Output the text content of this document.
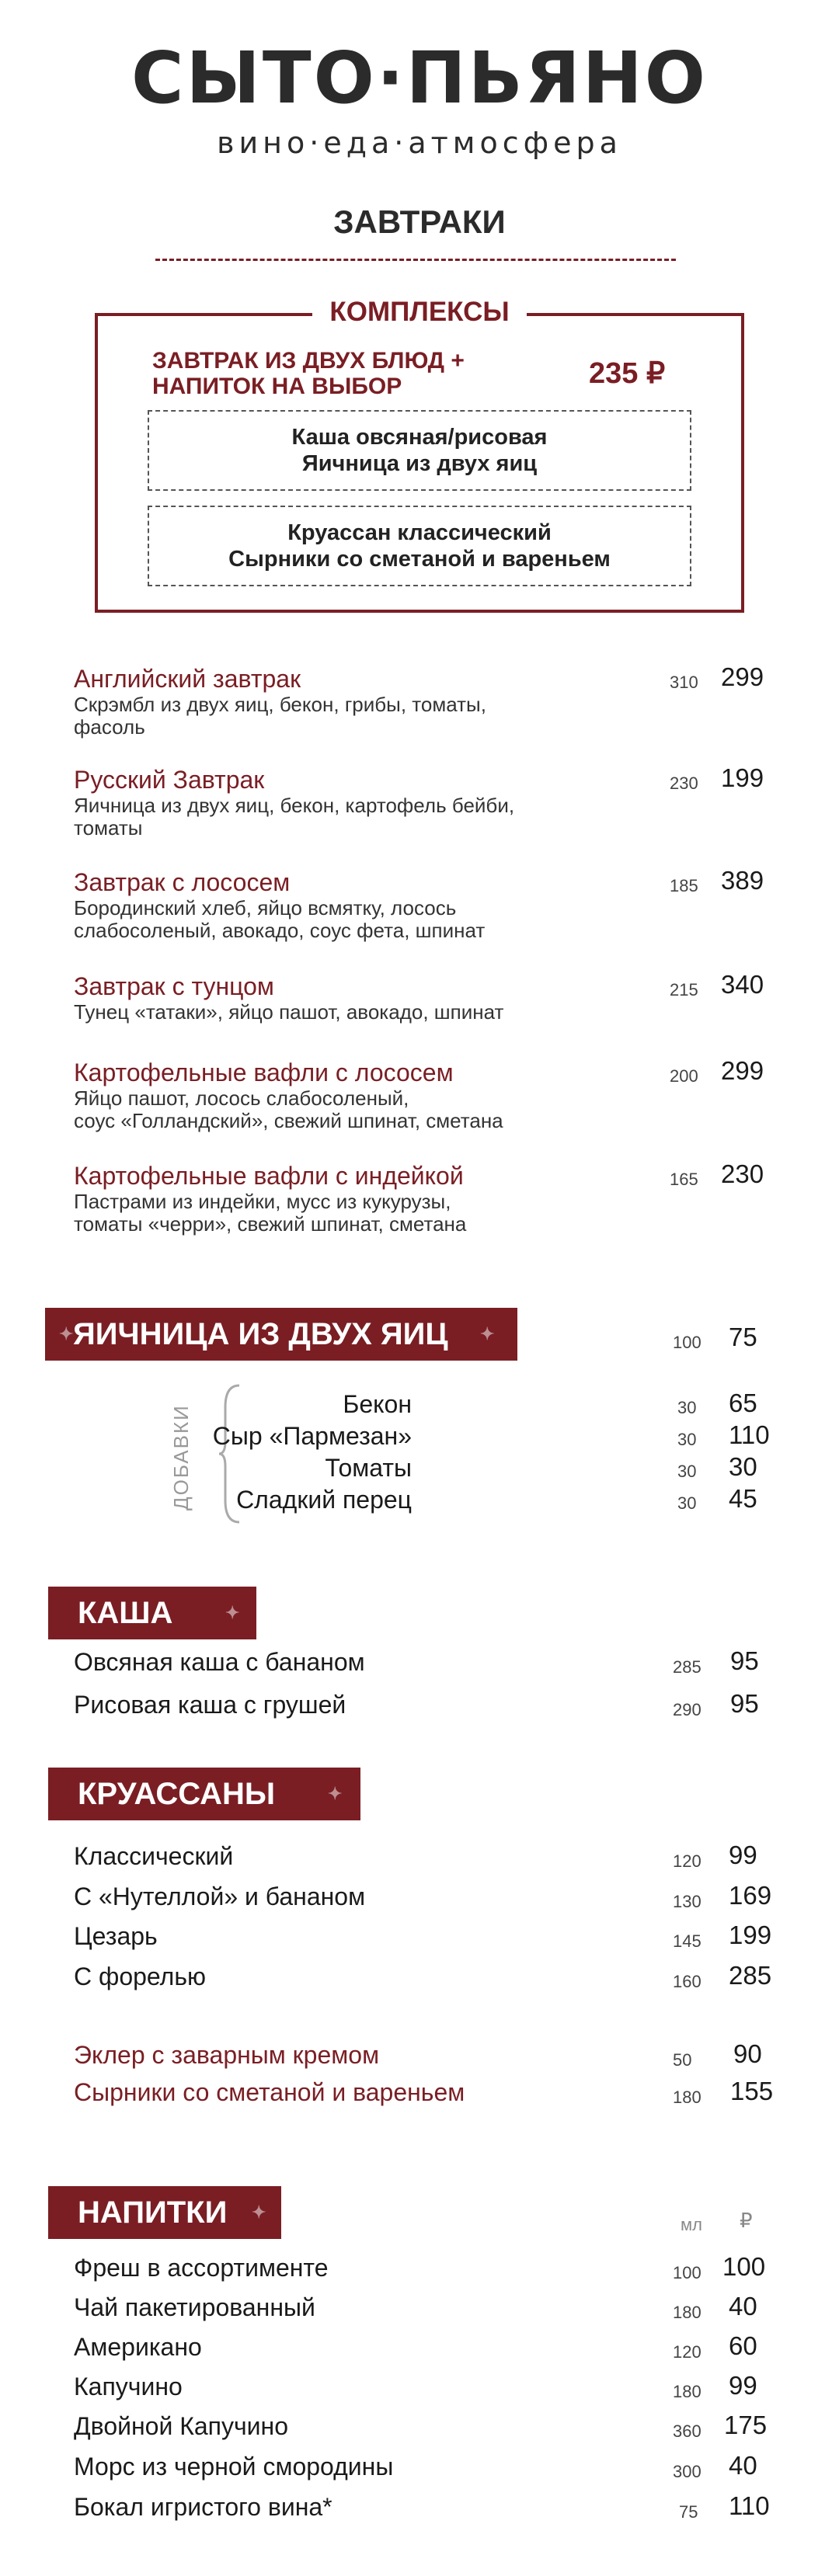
СЫТО·ПЬЯНО
вино·еда·атмосфера
ЗАВТРАКИ
КОМПЛЕКСЫ
ЗАВТРАК ИЗ ДВУХ БЛЮД +
НАПИТОК НА ВЫБОР	235 ₽
Каша овсяная/рисовая
Яичница из двух яиц
Круассан классический
Сырники со сметаной и вареньем
Английский завтрак
Скрэмбл из двух яиц, бекон, грибы, томаты,
фасоль
310 299
Русский Завтрак
Яичница из двух яиц, бекон, картофель бейби,
томаты
230 199
Завтрак с лососем
Бородинский хлеб, яйцо всмятку, лосось
слабосоленый, авокадо, соус фета, шпинат
185 389
Завтрак с тунцом
Тунец «татаки», яйцо пашот, авокадо, шпинат
215 340
Картофельные вафли с лососем
Яйцо пашот, лосось слабосоленый,
соус «Голландский», свежий шпинат, сметана
200 299
Картофельные вафли с индейкой
Пастрами из индейки, мусс из кукурузы,
томаты «черри», свежий шпинат, сметана
165 230
ЯИЧНИЦА ИЗ ДВУХ ЯИЦ
✦	✦	100 75
ДОБАВКИ
Бекон	30 65
Сыр «Пармезан»	30 110
Томаты	30 30
Сладкий перец	30 45
КАША	✦
Овсяная каша с бананом	285 95
Рисовая каша с грушей	290 95
КРУАССАНЫ	✦
Классический	120 99
С «Нутеллой» и бананом	130 169
Цезарь	145 199
С форелью	160 285
Эклер с заварным кремом	50 90
Сырники со сметаной и вареньем	180 155
НАПИТКИ ✦
мл ₽
Фреш в ассортименте	100 100
Чай пакетированный	180 40
Американо	120 60
Капучино	180 99
Двойной Капучино	360 175
Морс из черной смородины	300 40
Бокал игристого вина*	75 110
